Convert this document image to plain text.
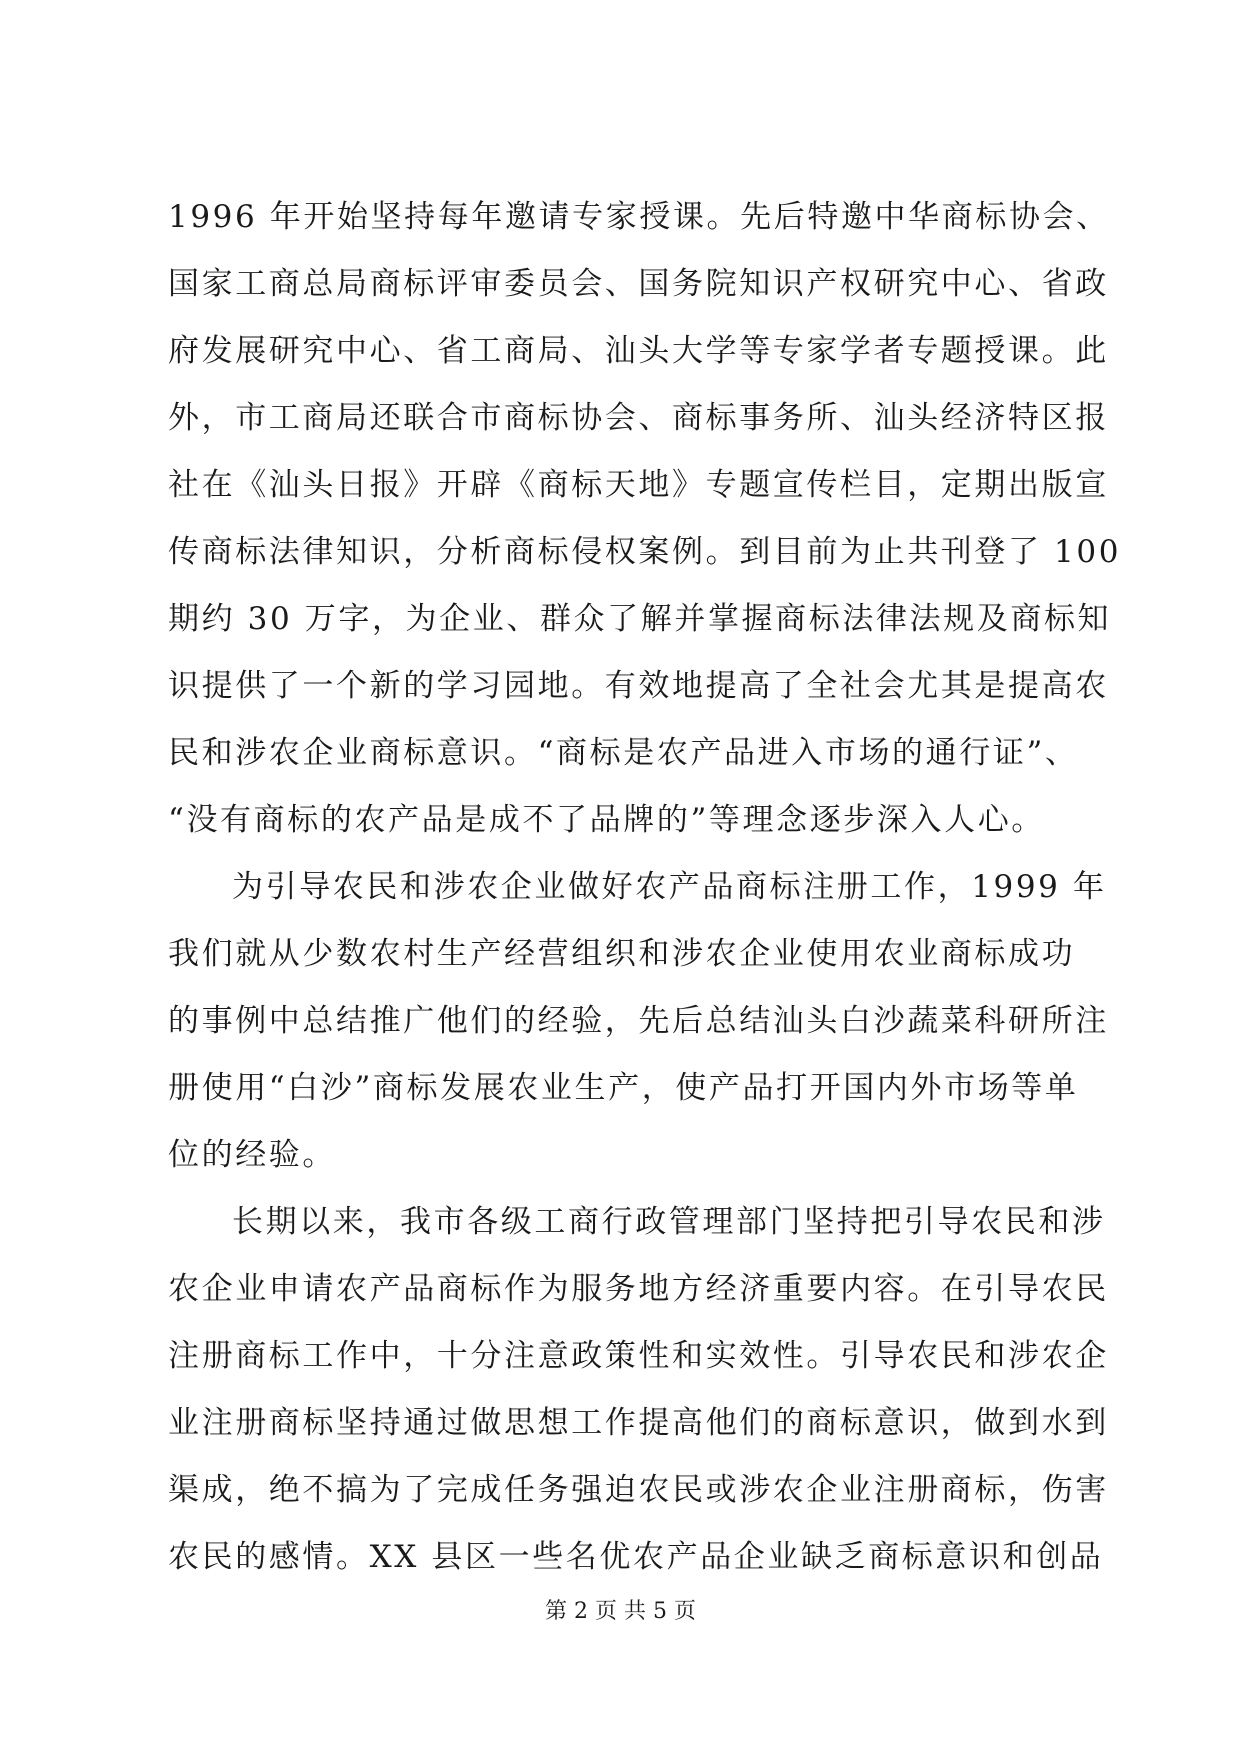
1996 年开始坚持每年邀请专家授课。先后特邀中华商标协会、
国家工商总局商标评审委员会、国务院知识产权研究中心、省政
府发展研究中心、省工商局、汕头大学等专家学者专题授课。此
外，市工商局还联合市商标协会、商标事务所、汕头经济特区报
社在《汕头日报》开辟《商标天地》专题宣传栏目，定期出版宣
传商标法律知识，分析商标侵权案例。到目前为止共刊登了 100
期约 30 万字，为企业、群众了解并掌握商标法律法规及商标知
识提供了一个新的学习园地。有效地提高了全社会尤其是提高农
民和涉农企业商标意识。“商标是农产品进入市场的通行证”、
“没有商标的农产品是成不了品牌的”等理念逐步深入人心。
为引导农民和涉农企业做好农产品商标注册工作，1999 年
我们就从少数农村生产经营组织和涉农企业使用农业商标成功
的事例中总结推广他们的经验，先后总结汕头白沙蔬菜科研所注
册使用“白沙”商标发展农业生产，使产品打开国内外市场等单
位的经验。
长期以来，我市各级工商行政管理部门坚持把引导农民和涉
农企业申请农产品商标作为服务地方经济重要内容。在引导农民
注册商标工作中，十分注意政策性和实效性。引导农民和涉农企
业注册商标坚持通过做思想工作提高他们的商标意识，做到水到
渠成，绝不搞为了完成任务强迫农民或涉农企业注册商标，伤害
农民的感情。XX 县区一些名优农产品企业缺乏商标意识和创品
第 2 页 共 5 页
